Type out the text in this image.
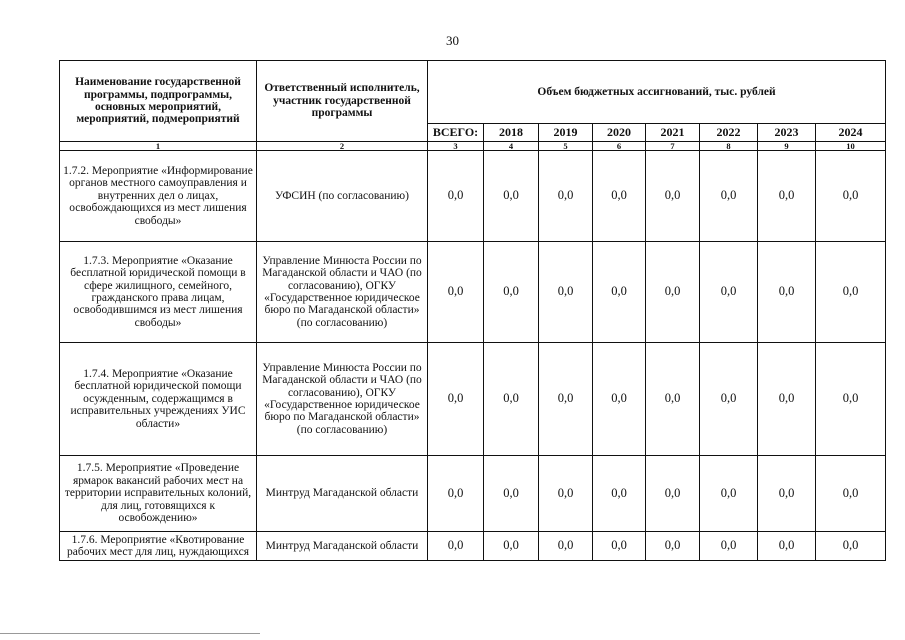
30
Наименование государственной программы, подпрограммы, основных мероприятий, мероприятий, подмероприятий	Ответственный исполнитель, участник государственной программы	Объем бюджетных ассигнований, тыс. рублей							
		ВСЕГО:	2018	2019	2020	2021	2022	2023	2024
1	2	3	4	5	6	7	8	9	10
1.7.2. Мероприятие «Информирование органов местного самоуправления и внутренних дел о лицах, освобождающихся из мест лишения свободы»	УФСИН (по согласованию)	0,0	0,0	0,0	0,0	0,0	0,0	0,0	0,0
1.7.3. Мероприятие «Оказание бесплатной юридической помощи в сфере жилищного, семейного, гражданского права лицам, освободившимся из мест лишения свободы»	Управление Минюста России по Магаданской области и ЧАО (по согласованию), ОГКУ «Государственное юридическое бюро по Магаданской области» (по согласованию)	0,0	0,0	0,0	0,0	0,0	0,0	0,0	0,0
1.7.4. Мероприятие «Оказание бесплатной юридической помощи осужденным, содержащимся в исправительных учреждениях УИС области»	Управление Минюста России по Магаданской области и ЧАО (по согласованию), ОГКУ «Государственное юридическое бюро по Магаданской области» (по согласованию)	0,0	0,0	0,0	0,0	0,0	0,0	0,0	0,0
1.7.5. Мероприятие «Проведение ярмарок вакансий рабочих мест на территории исправительных колоний, для лиц, готовящихся к освобождению»	Минтруд Магаданской области	0,0	0,0	0,0	0,0	0,0	0,0	0,0	0,0
1.7.6. Мероприятие «Квотирование рабочих мест для лиц, нуждающихся	Минтруд Магаданской области	0,0	0,0	0,0	0,0	0,0	0,0	0,0	0,0
